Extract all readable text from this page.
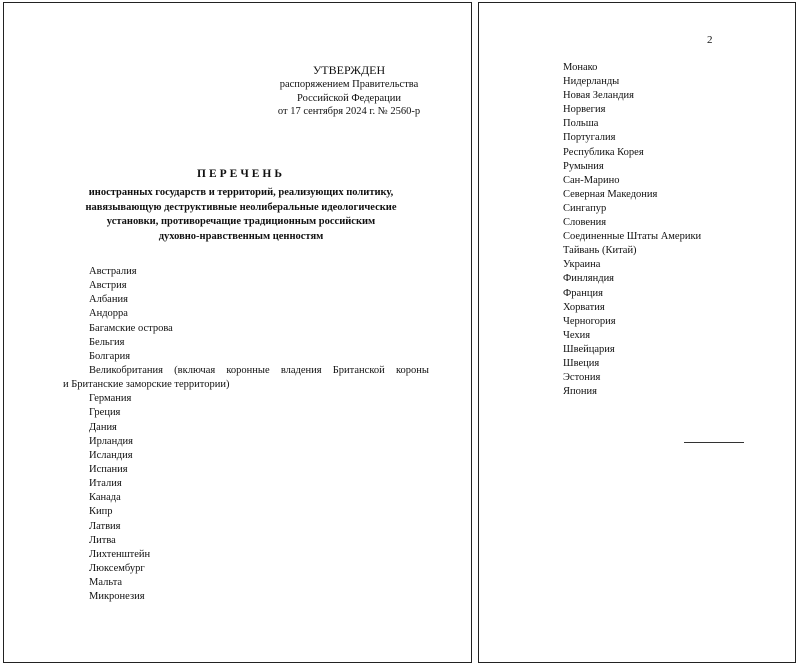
УТВЕРЖДЕН
распоряжением Правительства
Российской Федерации
от 17 сентября 2024 г. № 2560-р
ПЕРЕЧЕНЬ
иностранных государств и территорий, реализующих политику,
навязывающую деструктивные неолиберальные идеологические
установки, противоречащие традиционным российским
духовно-нравственным ценностям
Австралия
Австрия
Албания
Андорра
Багамские острова
Бельгия
Болгария
Великобритания (включая коронные владения Британской короны
и Британские заморские территории)
Германия
Греция
Дания
Ирландия
Исландия
Испания
Италия
Канада
Кипр
Латвия
Литва
Лихтенштейн
Люксембург
Мальта
Микронезия
2
Монако
Нидерланды
Новая Зеландия
Норвегия
Польша
Португалия
Республика Корея
Румыния
Сан-Марино
Северная Македония
Сингапур
Словения
Соединенные Штаты Америки
Тайвань (Китай)
Украина
Финляндия
Франция
Хорватия
Черногория
Чехия
Швейцария
Швеция
Эстония
Япония
